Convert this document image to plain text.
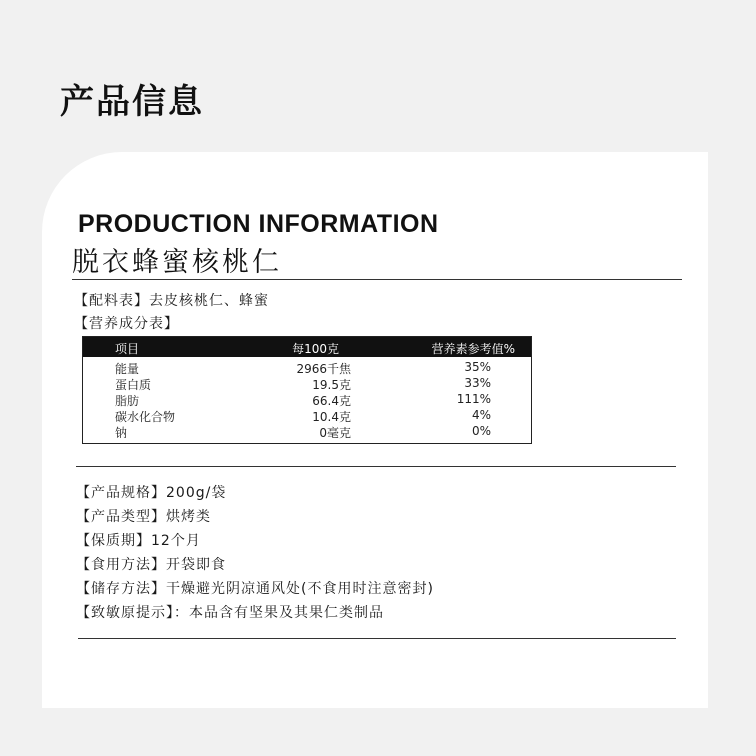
产品信息
PRODUCTION INFORMATION
脱衣蜂蜜核桃仁
【配料表】去皮核桃仁、蜂蜜
【营养成分表】
项目	每100克	营养素参考值%
能量	2966千焦	35%
蛋白质	19.5克	33%
脂肪	66.4克	111%
碳水化合物	10.4克	4%
钠	0毫克	0%
【产品规格】200g/袋
【产品类型】烘烤类
【保质期】12个月
【食用方法】开袋即食
【储存方法】干燥避光阴凉通风处(不食用时注意密封)
【致敏原提示】：本品含有坚果及其果仁类制品
